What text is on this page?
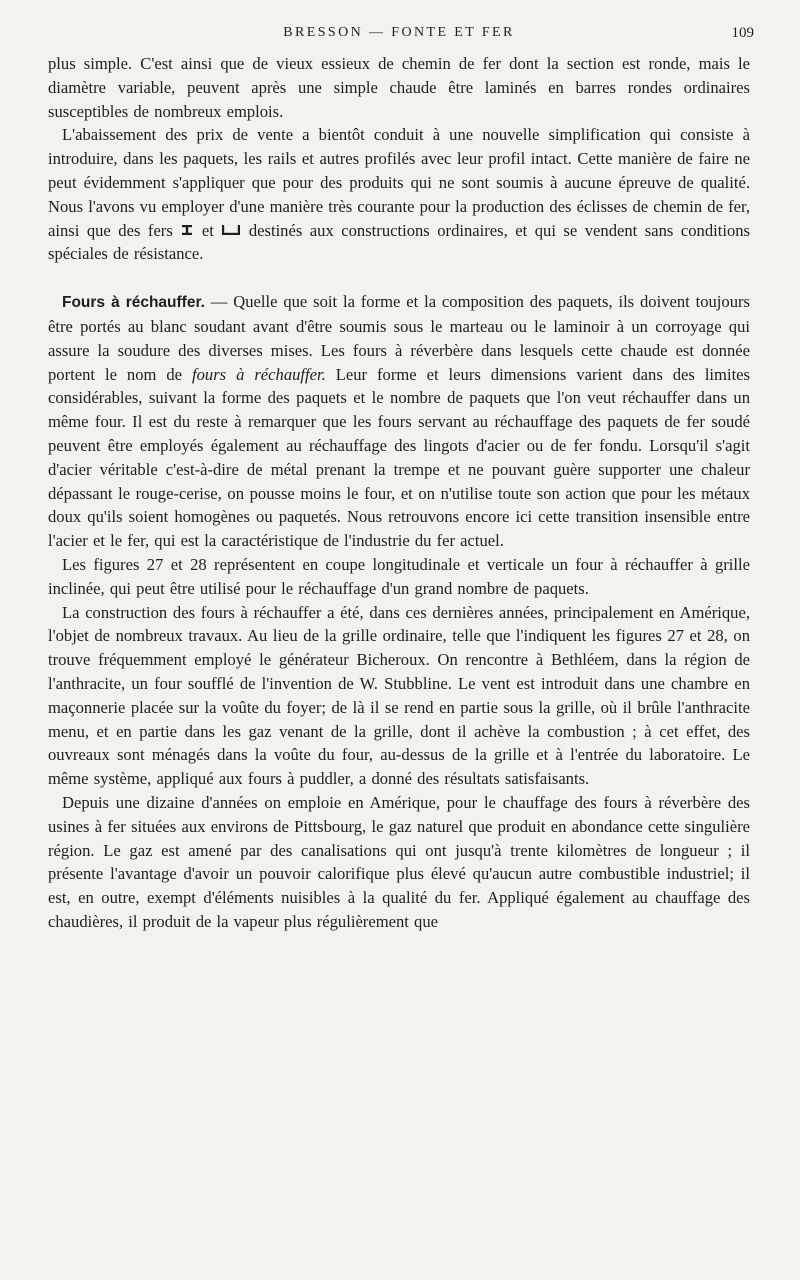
BRESSON — FONTE ET FER	109

plus simple. C'est ainsi que de vieux essieux de chemin de fer dont la section est ronde, mais le diamètre variable, peuvent après une simple chaude être laminés en barres rondes ordinaires susceptibles de nombreux emplois.

L'abaissement des prix de vente a bientôt conduit à une nouvelle simplification qui consiste à introduire, dans les paquets, les rails et autres profilés avec leur profil intact. Cette manière de faire ne peut évidemment s'appliquer que pour des produits qui ne sont soumis à aucune épreuve de qualité. Nous l'avons vu employer d'une manière très courante pour la production des éclisses de chemin de fer, ainsi que des fers et destinés aux constructions ordinaires, et qui se vendent sans conditions spéciales de résistance.

Fours à réchauffer. — Quelle que soit la forme et la composition des paquets, ils doivent toujours être portés au blanc soudant avant d'être soumis sous le marteau ou le laminoir à un corroyage qui assure la soudure des diverses mises. Les fours à réverbère dans lesquels cette chaude est donnée portent le nom de fours à réchauffer. Leur forme et leurs dimensions varient dans des limites considérables, suivant la forme des paquets et le nombre de paquets que l'on veut réchauffer dans un même four. Il est du reste à remarquer que les fours servant au réchauffage des paquets de fer soudé peuvent être employés également au réchauffage des lingots d'acier ou de fer fondu. Lorsqu'il s'agit d'acier véritable c'est-à-dire de métal prenant la trempe et ne pouvant guère supporter une chaleur dépassant le rouge-cerise, on pousse moins le four, et on n'utilise toute son action que pour les métaux doux qu'ils soient homogènes ou paquetés. Nous retrouvons encore ici cette transition insensible entre l'acier et le fer, qui est la caractéristique de l'industrie du fer actuel.

Les figures 27 et 28 représentent en coupe longitudinale et verticale un four à réchauffer à grille inclinée, qui peut être utilisé pour le réchauffage d'un grand nombre de paquets.

La construction des fours à réchauffer a été, dans ces dernières années, principalement en Amérique, l'objet de nombreux travaux. Au lieu de la grille ordinaire, telle que l'indiquent les figures 27 et 28, on trouve fréquemment employé le générateur Bicheroux. On rencontre à Bethléem, dans la région de l'anthracite, un four soufflé de l'invention de W. Stubbline. Le vent est introduit dans une chambre en maçonnerie placée sur la voûte du foyer; de là il se rend en partie sous la grille, où il brûle l'anthracite menu, et en partie dans les gaz venant de la grille, dont il achève la combustion ; à cet effet, des ouvreaux sont ménagés dans la voûte du four, au-dessus de la grille et à l'entrée du laboratoire. Le même système, appliqué aux fours à puddler, a donné des résultats satisfaisants.

Depuis une dizaine d'années on emploie en Amérique, pour le chauffage des fours à réverbère des usines à fer situées aux environs de Pittsbourg, le gaz naturel que produit en abondance cette singulière région. Le gaz est amené par des canalisations qui ont jusqu'à trente kilomètres de longueur ; il présente l'avantage d'avoir un pouvoir calorifique plus élevé qu'aucun autre combustible industriel; il est, en outre, exempt d'éléments nuisibles à la qualité du fer. Appliqué également au chauffage des chaudières, il produit de la vapeur plus régulièrement que
